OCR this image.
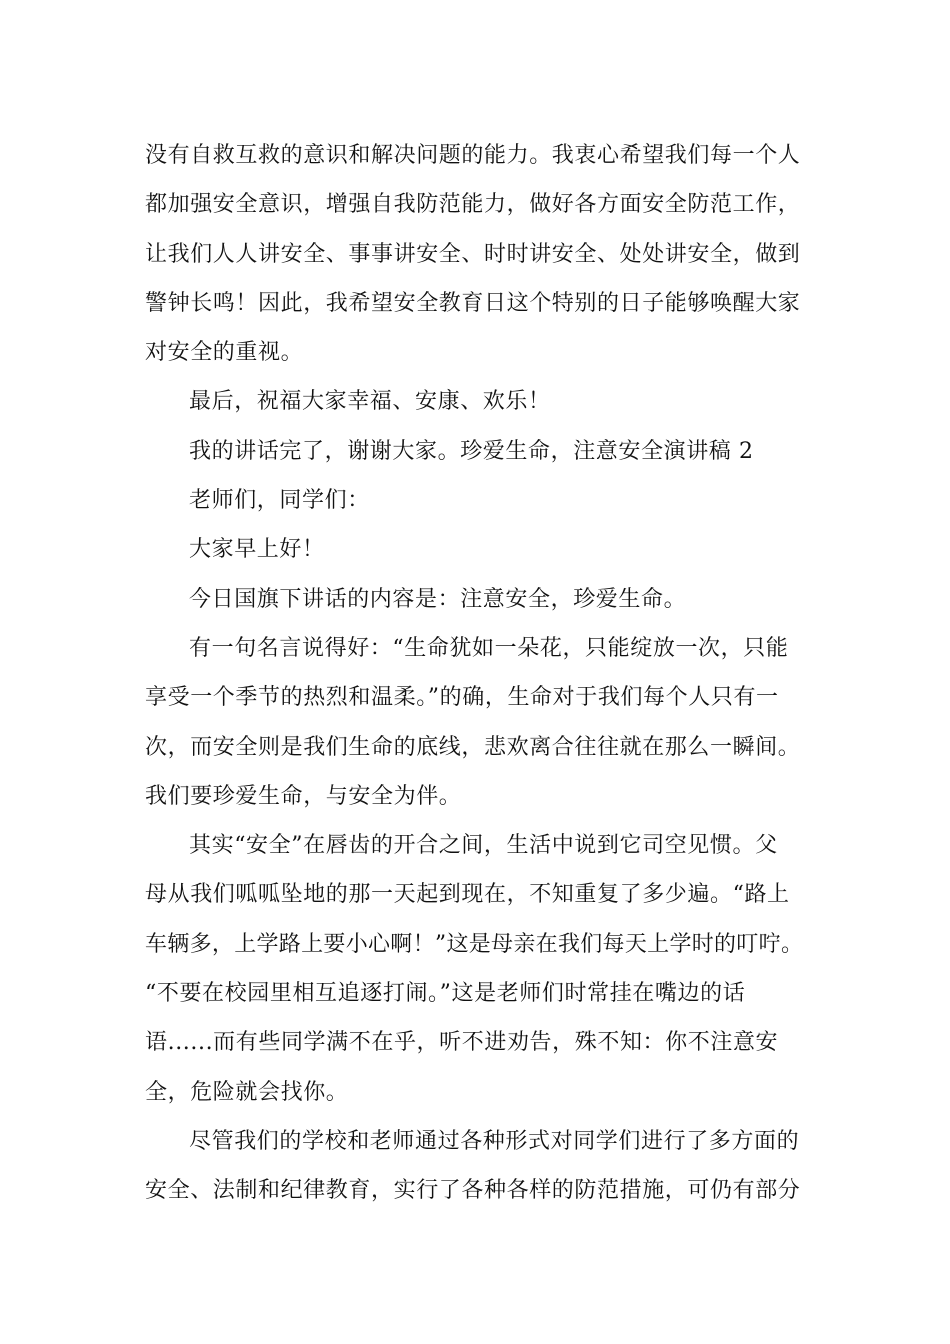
没有自救互救的意识和解决问题的能力。我衷心希望我们每一个人
都加强安全意识，增强自我防范能力，做好各方面安全防范工作，
让我们人人讲安全、事事讲安全、时时讲安全、处处讲安全，做到
警钟长鸣！因此，我希望安全教育日这个特别的日子能够唤醒大家
对安全的重视。
最后，祝福大家幸福、安康、欢乐！
我的讲话完了，谢谢大家。珍爱生命，注意安全演讲稿 2
老师们，同学们：
大家早上好！
今日国旗下讲话的内容是：注意安全，珍爱生命。
有一句名言说得好：“生命犹如一朵花，只能绽放一次，只能
享受一个季节的热烈和温柔。”的确，生命对于我们每个人只有一
次，而安全则是我们生命的底线，悲欢离合往往就在那么一瞬间。
我们要珍爱生命，与安全为伴。
其实“安全”在唇齿的开合之间，生活中说到它司空见惯。父
母从我们呱呱坠地的那一天起到现在，不知重复了多少遍。“路上
车辆多，上学路上要小心啊！”这是母亲在我们每天上学时的叮咛。
“不要在校园里相互追逐打闹。”这是老师们时常挂在嘴边的话
语......而有些同学满不在乎，听不进劝告，殊不知：你不注意安
全，危险就会找你。
尽管我们的学校和老师通过各种形式对同学们进行了多方面的
安全、法制和纪律教育，实行了各种各样的防范措施，可仍有部分
